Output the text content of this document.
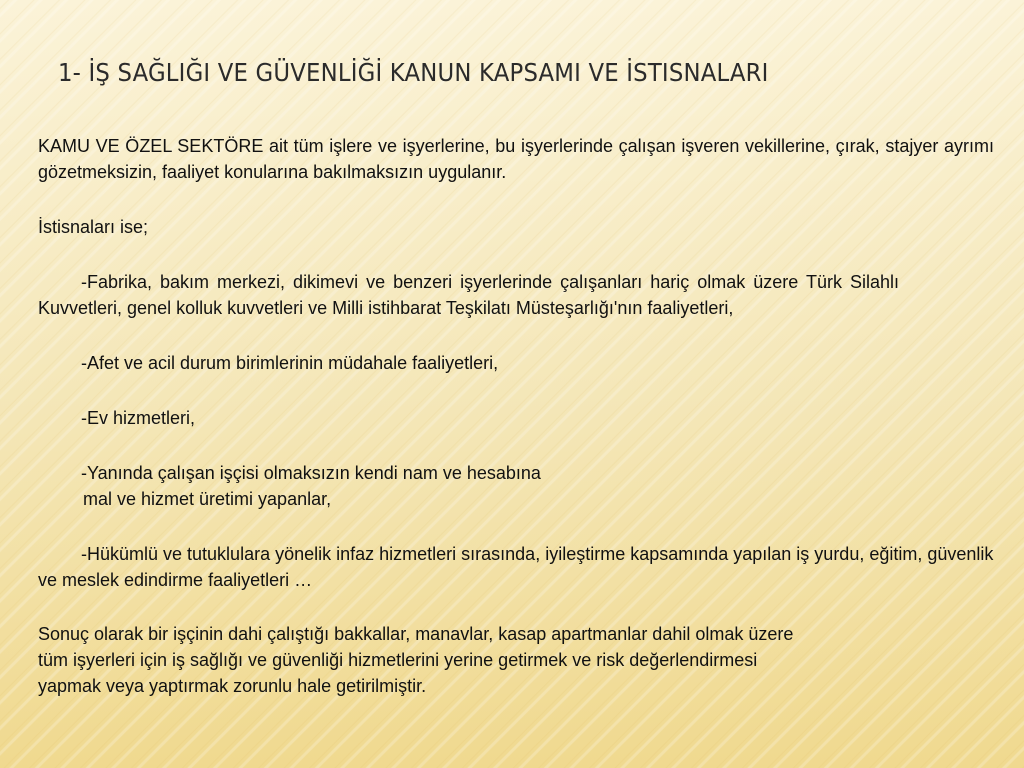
1- İŞ SAĞLIĞI VE GÜVENLİĞİ KANUN KAPSAMI VE İSTISNALARI

KAMU VE ÖZEL SEKTÖRE ait tüm işlere ve işyerlerine, bu işyerlerinde çalışan işveren vekillerine, çırak, stajyer ayrımı gözetmeksizin, faaliyet konularına bakılmaksızın uygulanır.

İstisnaları ise;

-Fabrika, bakım merkezi, dikimevi ve benzeri işyerlerinde çalışanları hariç olmak üzere Türk Silahlı  Kuvvetleri, genel kolluk kuvvetleri ve Milli istihbarat Teşkilatı Müsteşarlığı'nın faaliyetleri,

-Afet ve acil durum birimlerinin müdahale faaliyetleri,

-Ev hizmetleri,

-Yanında çalışan işçisi olmaksızın kendi nam ve hesabına

mal ve hizmet üretimi yapanlar,

-Hükümlü ve tutuklulara yönelik infaz hizmetleri sırasında, iyileştirme kapsamında yapılan iş yurdu, eğitim, güvenlik ve meslek edindirme faaliyetleri …

Sonuç olarak bir işçinin dahi çalıştığı bakkallar, manavlar, kasap apartmanlar dahil olmak üzere

tüm işyerleri için iş sağlığı ve güvenliği hizmetlerini yerine getirmek ve risk değerlendirmesi

yapmak veya yaptırmak zorunlu hale getirilmiştir.
